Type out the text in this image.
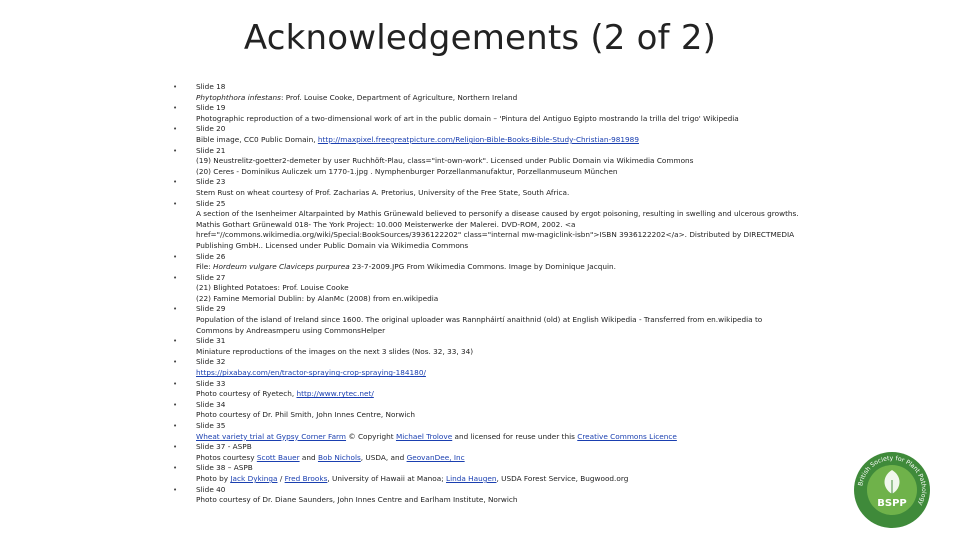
Acknowledgements (2 of 2)
•	Slide 18
Phytophthora infestans: Prof. Louise Cooke, Department of Agriculture, Northern Ireland
•	Slide 19
Photographic reproduction of a two-dimensional work of art in the public domain – 'Pintura del Antiguo Egipto mostrando la trilla del trigo' Wikipedia
•	Slide 20
Bible image, CC0 Public Domain, http://maxpixel.freegreatpicture.com/Religion-Bible-Books-Bible-Study-Christian-981989
•	Slide 21
(19) Neustrelitz-goetter2-demeter by user Ruchhöft-Plau, class="int-own-work". Licensed under Public Domain via Wikimedia Commons
(20) Ceres - Dominikus Auliczek um 1770-1.jpg . Nymphenburger Porzellanmanufaktur, Porzellanmuseum München
•	Slide 23
Stem Rust on wheat courtesy of Prof. Zacharias A. Pretorius, University of the Free State, South Africa.
•	Slide 25
A section of the Isenheimer Altarpainted by Mathis Grünewald believed to personify a disease caused by ergot poisoning, resulting in swelling and ulcerous growths.
Mathis Gothart Grünewald 018- The York Project: 10.000 Meisterwerke der Malerei. DVD-ROM, 2002. <a
href="//commons.wikimedia.org/wiki/Special:BookSources/3936122202" class="internal mw-magiclink-isbn">ISBN 3936122202</a>. Distributed by DIRECTMEDIA
Publishing GmbH.. Licensed under Public Domain via Wikimedia Commons
•	Slide 26
File: Hordeum vulgare Claviceps purpurea 23-7-2009.JPG From Wikimedia Commons. Image by Dominique Jacquin.
•	Slide 27
(21) Blighted Potatoes: Prof. Louise Cooke
(22) Famine Memorial Dublin: by AlanMc (2008) from en.wikipedia
•	Slide 29
Population of the island of Ireland since 1600. The original uploader was Rannpháirtí anaithnid (old) at English Wikipedia - Transferred from en.wikipedia to
Commons by Andreasmperu using CommonsHelper
•	Slide 31
Miniature reproductions of the images on the next 3 slides (Nos. 32, 33, 34)
•	Slide 32
https://pixabay.com/en/tractor-spraying-crop-spraying-184180/
•	Slide 33
Photo courtesy of Ryetech, http://www.rytec.net/
•	Slide 34
Photo courtesy of Dr. Phil Smith, John Innes Centre, Norwich
•	Slide 35
Wheat variety trial at Gypsy Corner Farm © Copyright Michael Trolove and licensed for reuse under this Creative Commons Licence
•	Slide 37 - ASPB
Photos courtesy Scott Bauer and Bob Nichols, USDA, and GeovanDee, Inc
•	Slide 38 – ASPB
Photo by Jack Dykinga / Fred Brooks, University of Hawaii at Manoa; Linda Haugen, USDA Forest Service, Bugwood.org
•	Slide 40
Photo courtesy of Dr. Diane Saunders, John Innes Centre and Earlham Institute, Norwich
British Society for Plant Pathology
BSPP
